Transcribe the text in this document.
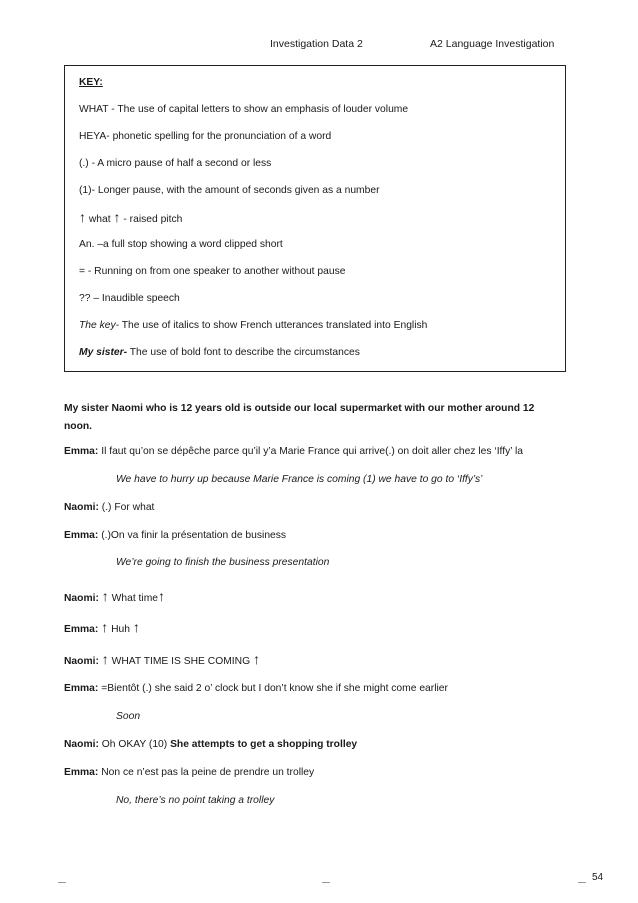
Investigation Data 2	A2 Language Investigation
KEY:
WHAT - The use of capital letters to show an emphasis of louder volume
HEYA- phonetic spelling for the pronunciation of a word
(.) - A micro pause of half a second or less
(1)- Longer pause, with the amount of seconds given as a number
↑ what ↑ - raised pitch
An. –a full stop showing a word clipped short
= - Running on from one speaker to another without pause
?? – Inaudible speech
The key- The use of italics to show French utterances translated into English
My sister- The use of bold font to describe the circumstances
My sister Naomi who is 12 years old is outside our local supermarket with our mother around 12
noon.
Emma: Il faut qu’on se dépêche parce qu’il y’a Marie France qui arrive(.) on doit aller chez les ‘Iffy’ la
We have to hurry up because Marie France is coming (1) we have to go to ‘Iffy’s’
Naomi: (.) For what
Emma: (.)On va finir la présentation de business
We’re going to finish the business presentation
Naomi: ↑ What time↑
Emma: ↑ Huh ↑
Naomi: ↑ WHAT TIME IS SHE COMING ↑
Emma: =Bientôt (.) she said 2 o’ clock but I don’t know she if she might come earlier
Soon
Naomi: Oh OKAY (10) She attempts to get a shopping trolley
Emma: Non ce n’est pas la peine de prendre un trolley
No, there’s no point taking a trolley
54
